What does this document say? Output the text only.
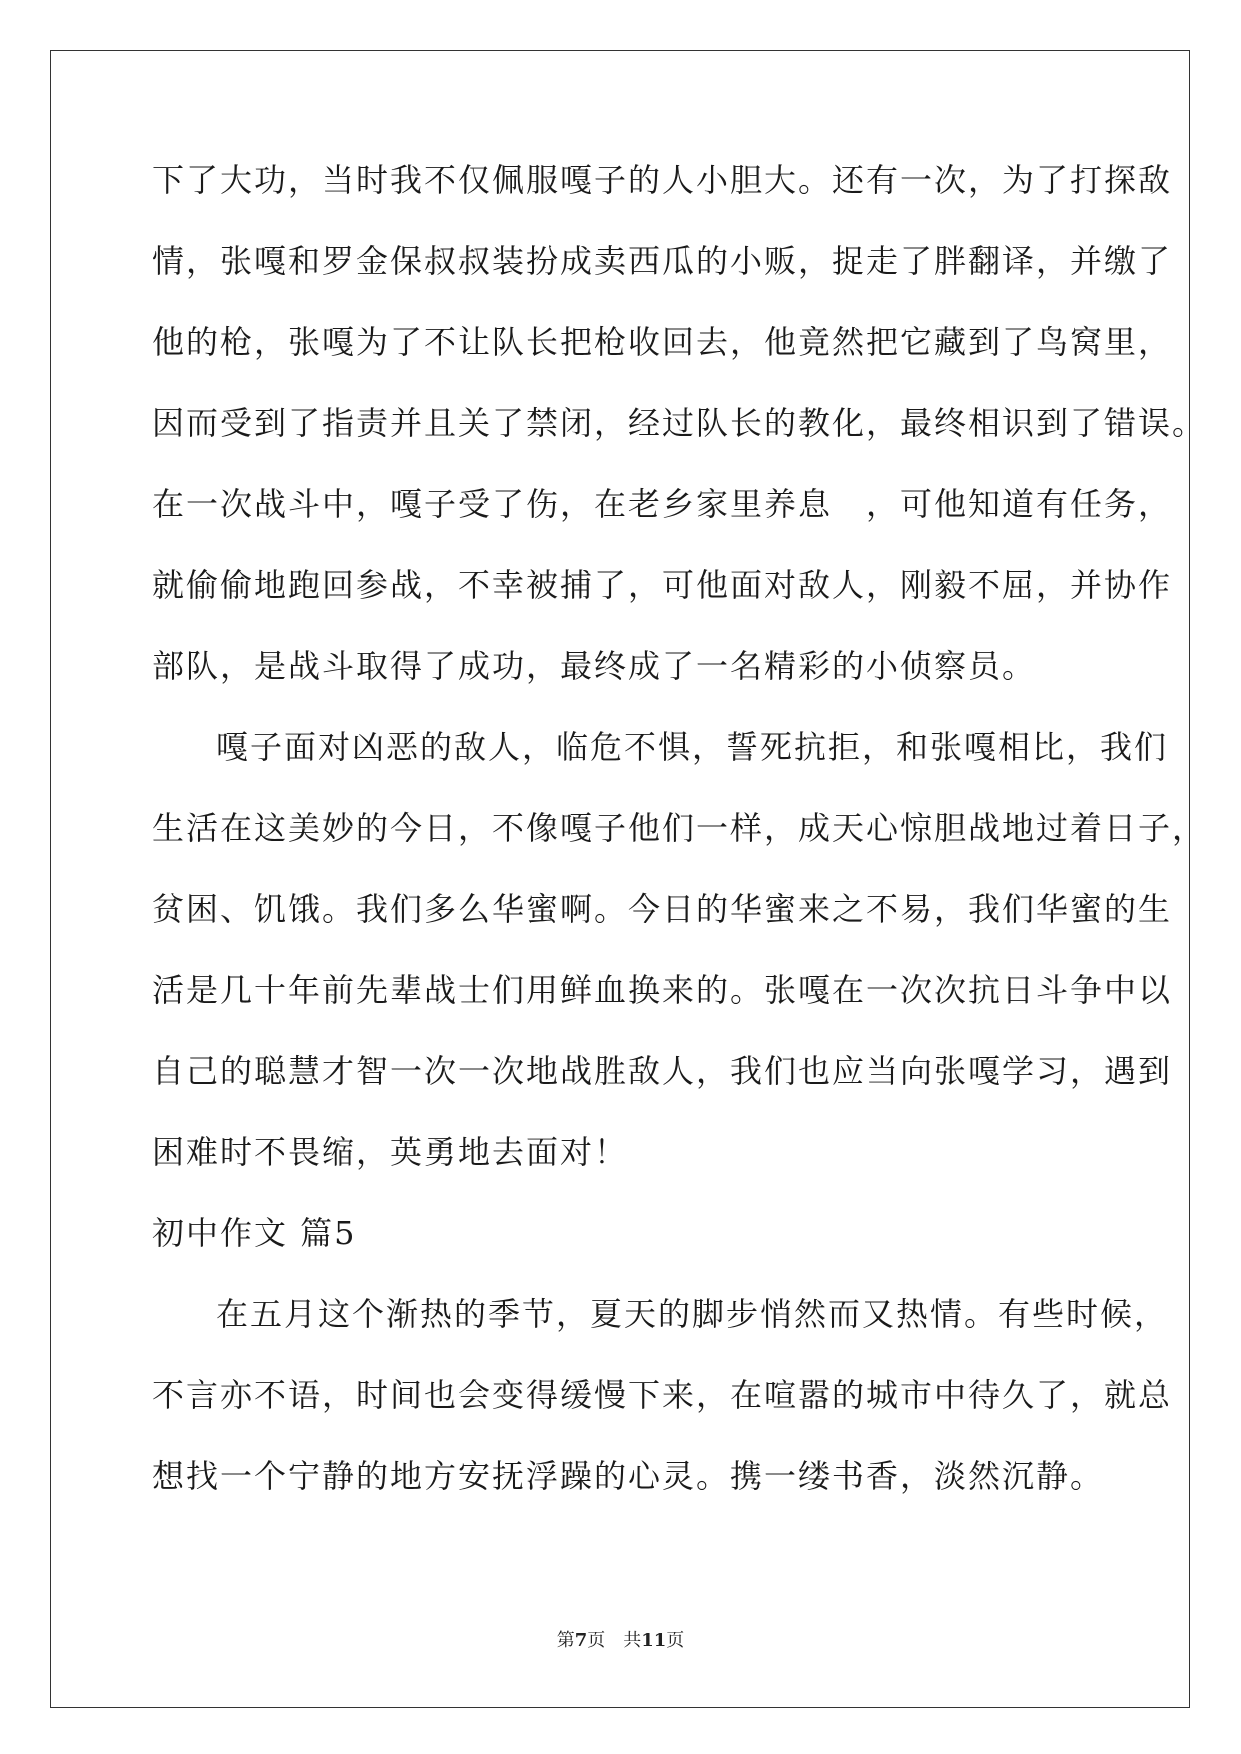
下了大功，当时我不仅佩服嘎子的人小胆大。还有一次，为了打探敌
情，张嘎和罗金保叔叔装扮成卖西瓜的小贩，捉走了胖翻译，并缴了
他的枪，张嘎为了不让队长把枪收回去，他竟然把它藏到了鸟窝里，
因而受到了指责并且关了禁闭，经过队长的教化，最终相识到了错误。
在一次战斗中，嘎子受了伤，在老乡家里养息　，可他知道有任务，
就偷偷地跑回参战，不幸被捕了，可他面对敌人，刚毅不屈，并协作
部队，是战斗取得了成功，最终成了一名精彩的小侦察员。
嘎子面对凶恶的敌人，临危不惧，誓死抗拒，和张嘎相比，我们
生活在这美妙的今日，不像嘎子他们一样，成天心惊胆战地过着日子，
贫困、饥饿。我们多么华蜜啊。今日的华蜜来之不易，我们华蜜的生
活是几十年前先辈战士们用鲜血换来的。张嘎在一次次抗日斗争中以
自己的聪慧才智一次一次地战胜敌人，我们也应当向张嘎学习，遇到
困难时不畏缩，英勇地去面对！
初中作文 篇5
在五月这个渐热的季节，夏天的脚步悄然而又热情。有些时候，
不言亦不语，时间也会变得缓慢下来，在喧嚣的城市中待久了，就总
想找一个宁静的地方安抚浮躁的心灵。携一缕书香，淡然沉静。
第7页　共11页
